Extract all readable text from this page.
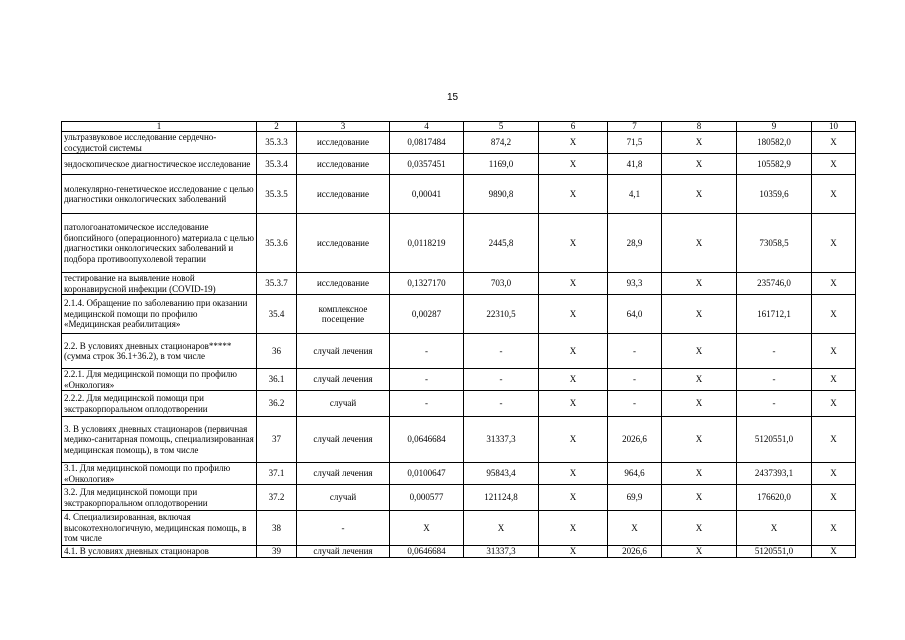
15
1	2	3	4	5	6	7	8	9	10
ультразвуковое исследование сердечно-сосудистой системы	35.3.3	исследование	0,0817484	874,2	Х	71,5	Х	180582,0	Х
эндоскопическое диагностическое исследование	35.3.4	исследование	0,0357451	1169,0	Х	41,8	Х	105582,9	Х
молекулярно-генетическое исследование с целью диагностики онкологических заболеваний	35.3.5	исследование	0,00041	9890,8	Х	4,1	Х	10359,6	Х
патологоанатомическое исследование биопсийного (операционного) материала с целью диагностики онкологических заболеваний и подбора противоопухолевой терапии	35.3.6	исследование	0,0118219	2445,8	Х	28,9	Х	73058,5	Х
тестирование на выявление новой коронавирусной инфекции (COVID-19)	35.3.7	исследование	0,1327170	703,0	Х	93,3	Х	235746,0	Х
2.1.4. Обращение по заболеванию при оказании медицинской помощи по профилю «Медицинская реабилитация»	35.4	комплексное посещение	0,00287	22310,5	Х	64,0	Х	161712,1	Х
2.2. В условиях дневных стационаров***** (сумма строк 36.1+36.2), в том числе	36	случай лечения	-	-	Х	-	Х	-	Х
2.2.1. Для медицинской помощи по профилю «Онкология»	36.1	случай лечения	-	-	Х	-	Х	-	Х
2.2.2. Для медицинской помощи при экстракорпоральном оплодотворении	36.2	случай	-	-	Х	-	Х	-	Х
3. В условиях дневных стационаров (первичная медико-санитарная помощь, специализированная медицинская помощь), в том числе	37	случай лечения	0,0646684	31337,3	Х	2026,6	Х	5120551,0	Х
3.1. Для медицинской помощи по профилю «Онкология»	37.1	случай лечения	0,0100647	95843,4	Х	964,6	Х	2437393,1	Х
3.2. Для медицинской помощи при экстракорпоральном оплодотворении	37.2	случай	0,000577	121124,8	Х	69,9	Х	176620,0	Х
4. Специализированная, включая высокотехнологичную, медицинская помощь, в том числе	38	-	Х	Х	Х	Х	Х	Х	Х
4.1. В условиях дневных стационаров	39	случай лечения	0,0646684	31337,3	Х	2026,6	Х	5120551,0	Х
